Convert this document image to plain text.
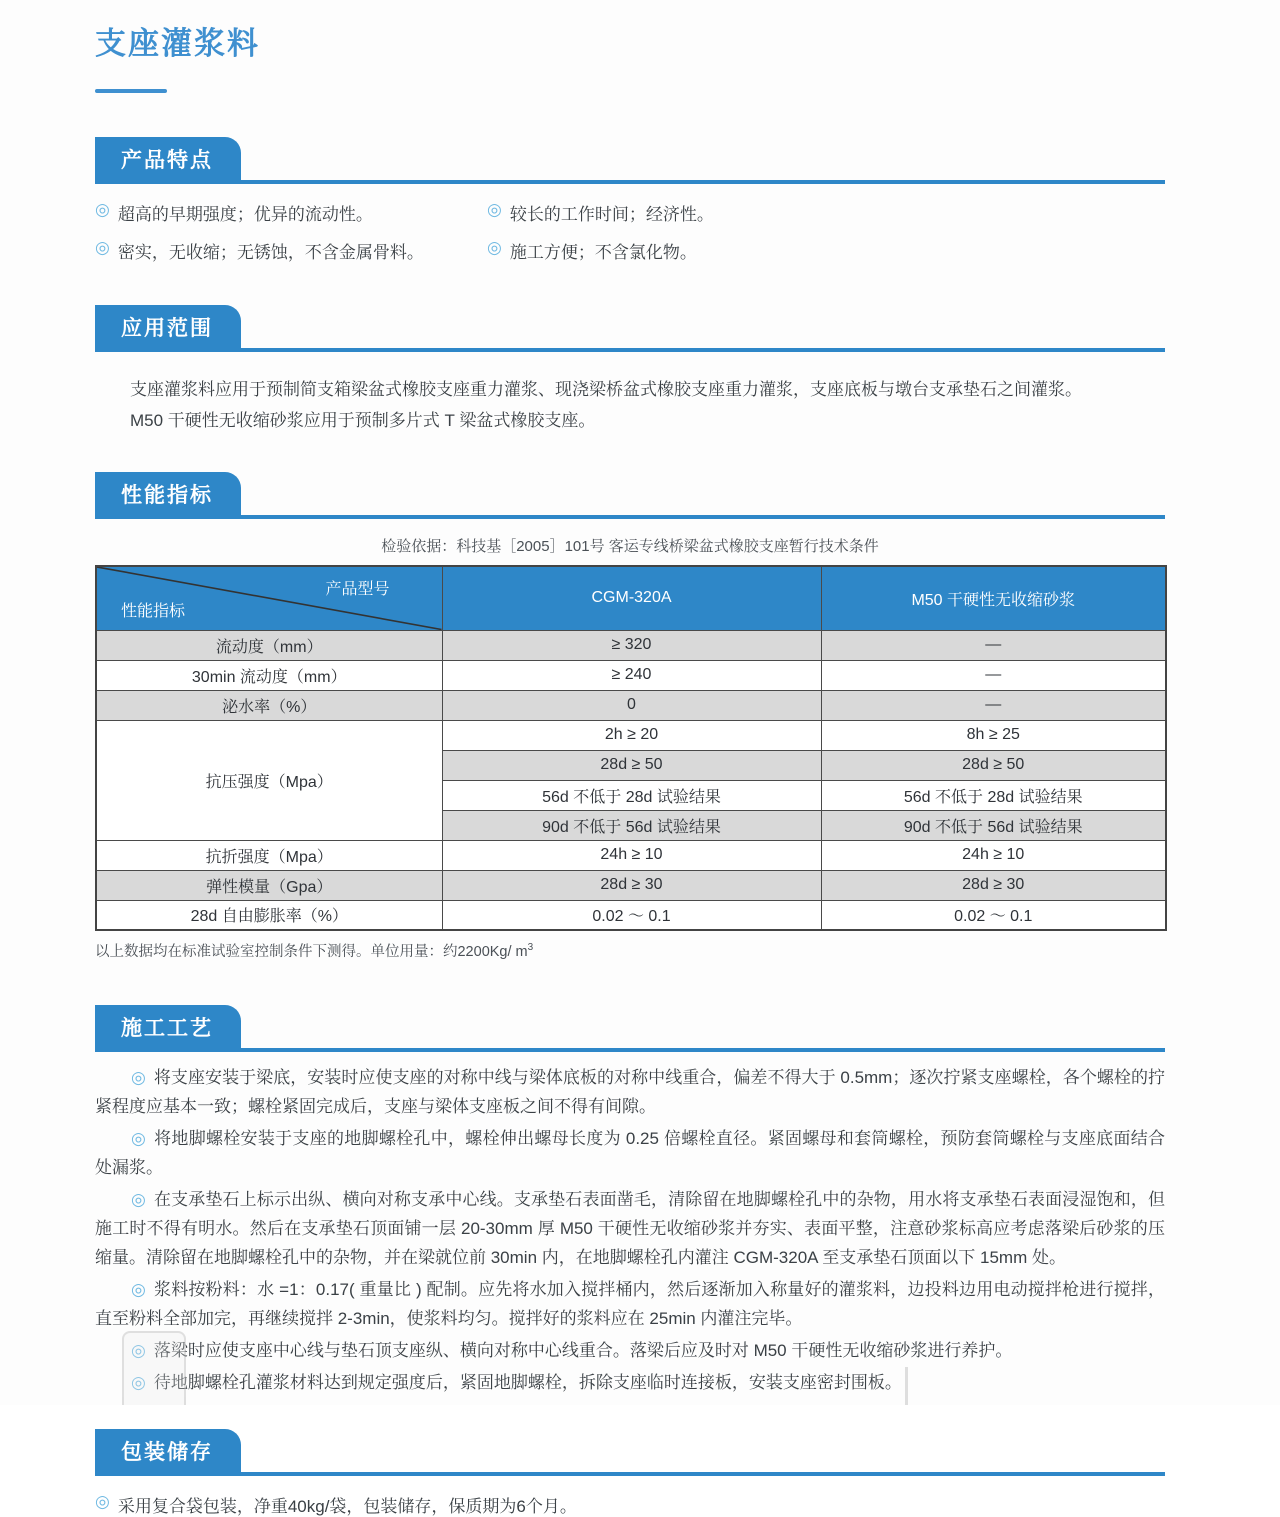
支座灌浆料
产品特点
◎ 超高的早期强度；优异的流动性。	◎ 较长的工作时间；经济性。
◎ 密实，无收缩；无锈蚀，不含金属骨料。	◎ 施工方便；不含氯化物。
应用范围

支座灌浆料应用于预制简支箱梁盆式橡胶支座重力灌浆、现浇梁桥盆式橡胶支座重力灌浆，支座底板与墩台支承垫石之间灌浆。

M50 干硬性无收缩砂浆应用于预制多片式 T 梁盆式橡胶支座。

性能指标
检验依据：科技基［2005］101号 客运专线桥梁盆式橡胶支座暂行技术条件
产品型号
性能指标	CGM-320A	M50 干硬性无收缩砂浆
流动度（mm）	≥ 320	—
30min 流动度（mm）	≥ 240	—
泌水率（%）	0	—
抗压强度（Mpa）	2h ≥ 20	8h ≥ 25
	28d ≥ 50	28d ≥ 50
	56d 不低于 28d 试验结果	56d 不低于 28d 试验结果
	90d 不低于 56d 试验结果	90d 不低于 56d 试验结果
抗折强度（Mpa）	24h ≥ 10	24h ≥ 10
弹性模量（Gpa）	28d ≥ 30	28d ≥ 30
28d 自由膨胀率（%）	0.02 ～ 0.1	0.02 ～ 0.1
以上数据均在标准试验室控制条件下测得。单位用量：约2200Kg/ $m^3$
施工工艺

◎ 将支座安装于梁底，安装时应使支座的对称中线与梁体底板的对称中线重合，偏差不得大于 0.5mm；逐次拧紧支座螺栓，各个螺栓的拧紧程度应基本一致；螺栓紧固完成后，支座与梁体支座板之间不得有间隙。

◎ 将地脚螺栓安装于支座的地脚螺栓孔中，螺栓伸出螺母长度为 0.25 倍螺栓直径。紧固螺母和套筒螺栓，预防套筒螺栓与支座底面结合处漏浆。

◎ 在支承垫石上标示出纵、横向对称支承中心线。支承垫石表面凿毛，清除留在地脚螺栓孔中的杂物，用水将支承垫石表面浸湿饱和，但施工时不得有明水。然后在支承垫石顶面铺一层 20-30mm 厚 M50 干硬性无收缩砂浆并夯实、表面平整，注意砂浆标高应考虑落梁后砂浆的压缩量。清除留在地脚螺栓孔中的杂物，并在梁就位前 30min 内，在地脚螺栓孔内灌注 CGM-320A 至支承垫石顶面以下 15mm 处。

◎ 浆料按粉料：水 =1：0.17( 重量比 ) 配制。应先将水加入搅拌桶内，然后逐渐加入称量好的灌浆料，边投料边用电动搅拌枪进行搅拌，直至粉料全部加完，再继续搅拌 2-3min，使浆料均匀。搅拌好的浆料应在 25min 内灌注完毕。

◎ 落梁时应使支座中心线与垫石顶支座纵、横向对称中心线重合。落梁后应及时对 M50 干硬性无收缩砂浆进行养护。

◎ 待地脚螺栓孔灌浆材料达到规定强度后，紧固地脚螺栓，拆除支座临时连接板，安装支座密封围板。

包装储存
◎ 采用复合袋包装，净重40kg/袋，包装储存，保质期为6个月。
